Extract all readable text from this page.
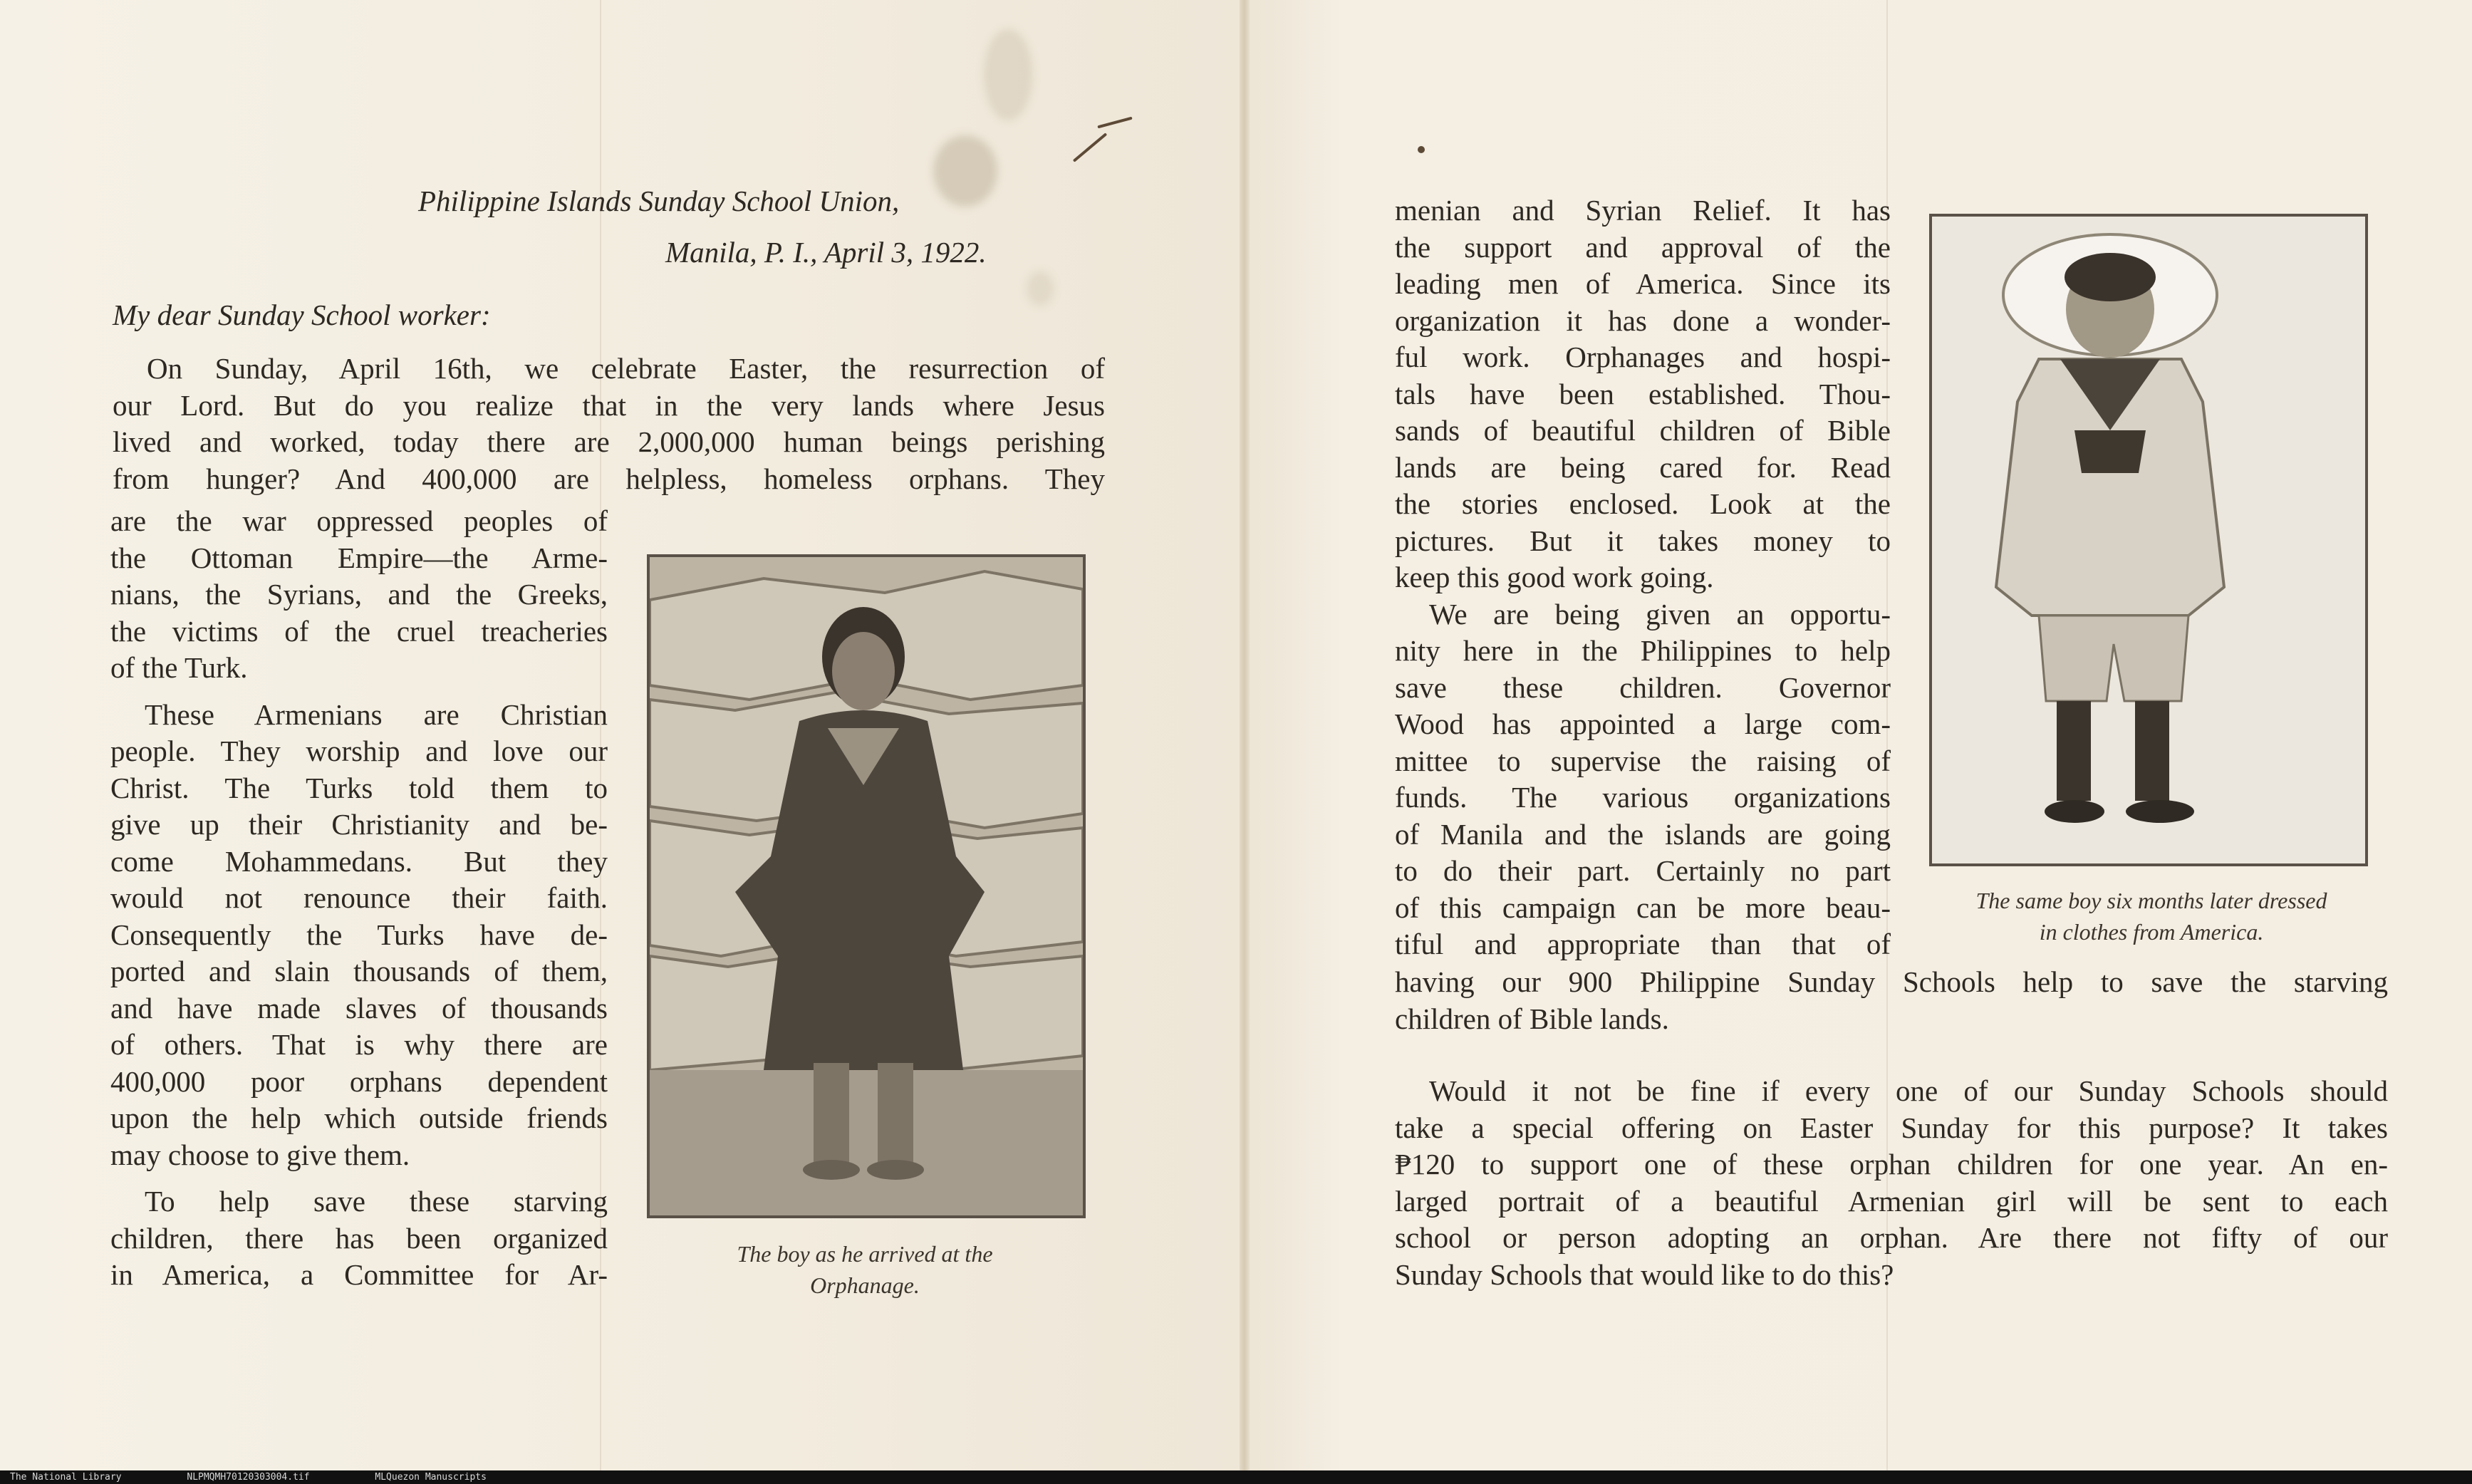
Philippine Islands Sunday School Union,
Manila, P. I., April 3, 1922.
My dear Sunday School worker:

On Sunday, April 16th, we celebrate Easter, the resurrection of

our Lord. But do you realize that in the very lands where Jesus

lived and worked, today there are 2,000,000 human beings perishing

from hunger? And 400,000 are helpless, homeless orphans. They

are the war oppressed peoples of

the Ottoman Empire—the Arme-

nians, the Syrians, and the Greeks,

the victims of the cruel treacheries

of the Turk.

These Armenians are Christian

people. They worship and love our

Christ. The Turks told them to

give up their Christianity and be-

come Mohammedans. But they

would not renounce their faith.

Consequently the Turks have de-

ported and slain thousands of them,

and have made slaves of thousands

of others. That is why there are

400,000 poor orphans dependent

upon the help which outside friends

may choose to give them.

To help save these starving

children, there has been organized

in America, a Committee for Ar-

The boy as he arrived at the
Orphanage.

menian and Syrian Relief. It has

the support and approval of the

leading men of America. Since its

organization it has done a wonder-

ful work. Orphanages and hospi-

tals have been established. Thou-

sands of beautiful children of Bible

lands are being cared for. Read

the stories enclosed. Look at the

pictures. But it takes money to

keep this good work going.

We are being given an opportu-

nity here in the Philippines to help

save these children. Governor

Wood has appointed a large com-

mittee to supervise the raising of

funds. The various organizations

of Manila and the islands are going

to do their part. Certainly no part

of this campaign can be more beau-

tiful and appropriate than that of

having our 900 Philippine Sunday Schools help to save the starving

children of Bible lands.

Would it not be fine if every one of our Sunday Schools should

take a special offering on Easter Sunday for this purpose? It takes

₱120 to support one of these orphan children for one year. An en-

larged portrait of a beautiful Armenian girl will be sent to each

school or person adopting an orphan. Are there not fifty of our

Sunday Schools that would like to do this?

The same boy six months later dressed
in clothes from America.
The National Library	NLPMQMH70120303004.tif	MLQuezon Manuscripts
